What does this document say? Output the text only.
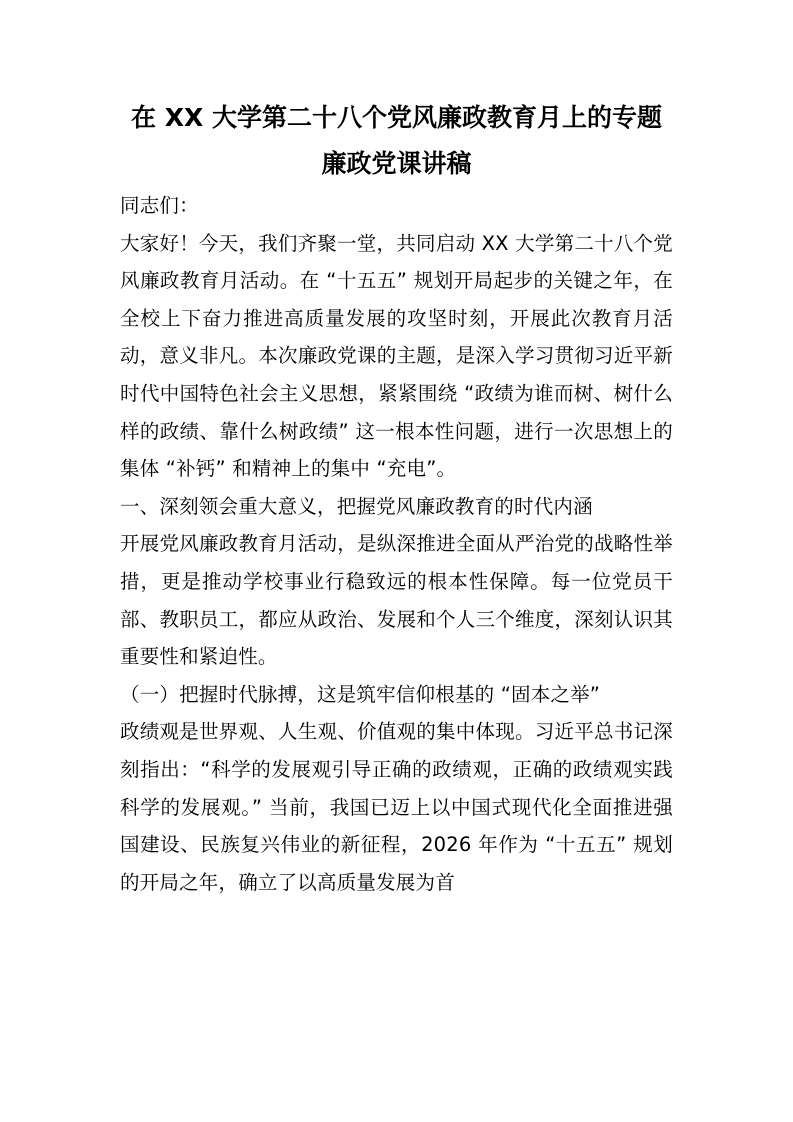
在 XX 大学第二十八个党风廉政教育月上的专题廉政党课讲稿

同志们：

大家好！今天，我们齐聚一堂，共同启动 XX 大学第二十八个党风廉政教育月活动。在 “十五五” 规划开局起步的关键之年，在全校上下奋力推进高质量发展的攻坚时刻，开展此次教育月活动，意义非凡。本次廉政党课的主题，是深入学习贯彻习近平新时代中国特色社会主义思想，紧紧围绕 “政绩为谁而树、树什么样的政绩、靠什么树政绩” 这一根本性问题，进行一次思想上的集体 “补钙” 和精神上的集中 “充电”。

一、深刻领会重大意义，把握党风廉政教育的时代内涵

开展党风廉政教育月活动，是纵深推进全面从严治党的战略性举措，更是推动学校事业行稳致远的根本性保障。每一位党员干部、教职员工，都应从政治、发展和个人三个维度，深刻认识其重要性和紧迫性。

（一）把握时代脉搏，这是筑牢信仰根基的 “固本之举”

政绩观是世界观、人生观、价值观的集中体现。习近平总书记深刻指出：“科学的发展观引导正确的政绩观，正确的政绩观实践科学的发展观。” 当前，我国已迈上以中国式现代化全面推进强国建设、民族复兴伟业的新征程，2026 年作为 “十五五” 规划的开局之年，确立了以高质量发展为首
